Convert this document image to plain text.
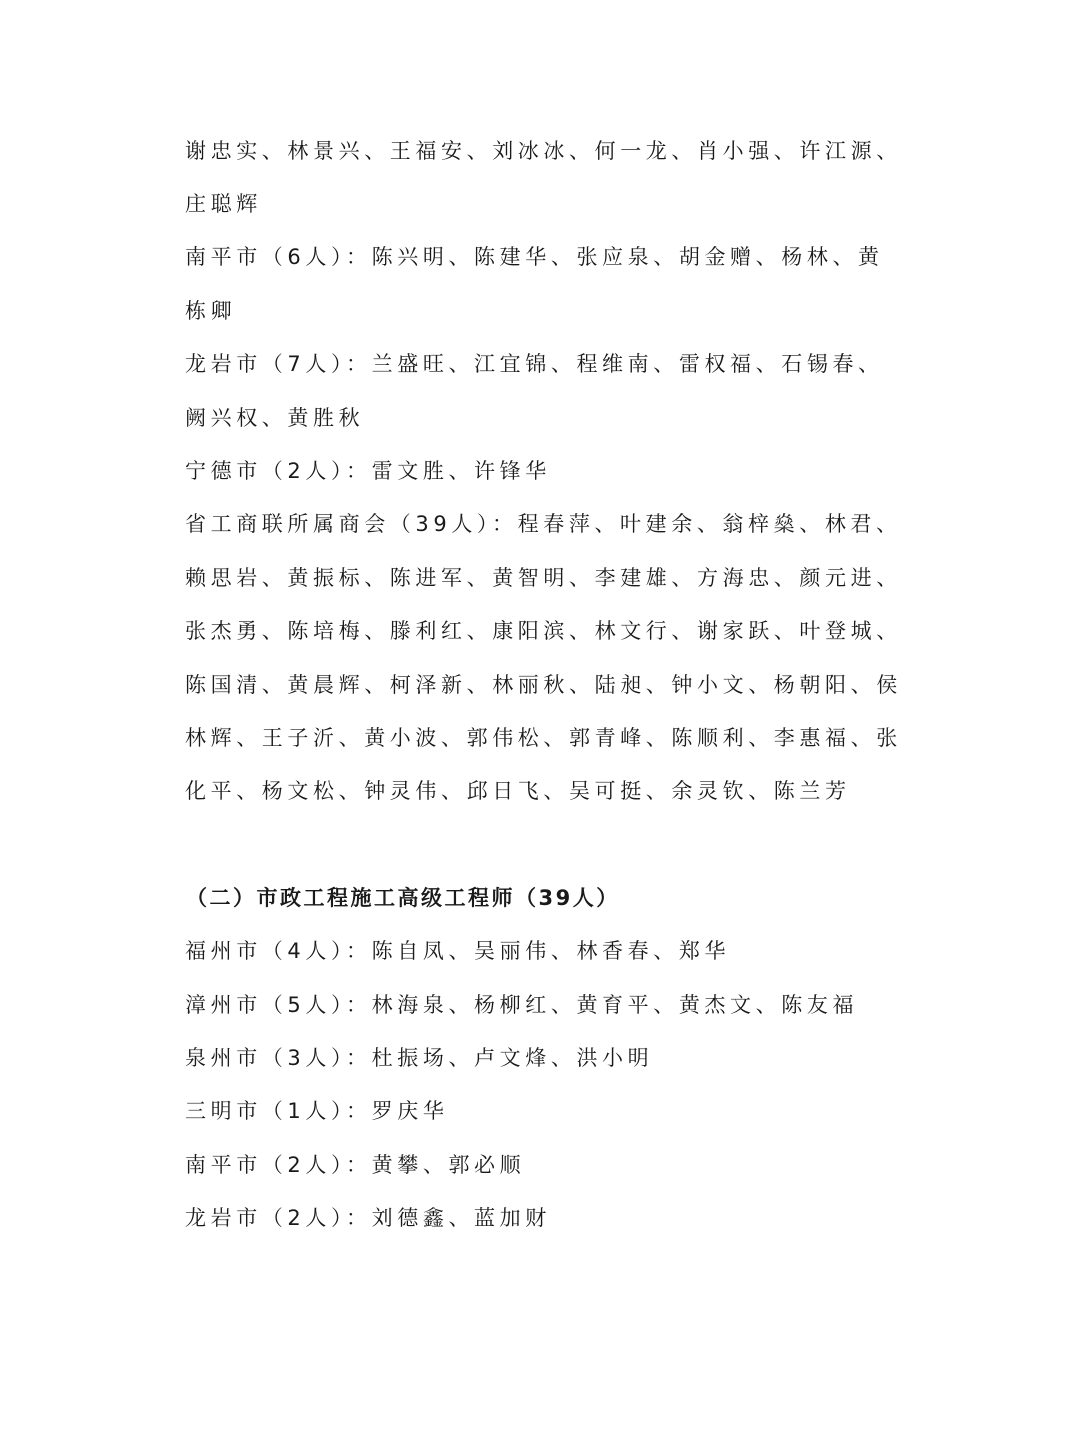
谢忠实、林景兴、王福安、刘冰冰、何一龙、肖小强、许江源、
庄聪辉
南平市（6人）：陈兴明、陈建华、张应泉、胡金赠、杨林、黄
栋卿
龙岩市（7人）：兰盛旺、江宜锦、程维南、雷权福、石锡春、
阙兴权、黄胜秋
宁德市（2人）：雷文胜、许锋华
省工商联所属商会（39人）：程春萍、叶建余、翁梓燊、林君、
赖思岩、黄振标、陈进军、黄智明、李建雄、方海忠、颜元进、
张杰勇、陈培梅、滕利红、康阳滨、林文行、谢家跃、叶登城、
陈国清、黄晨辉、柯泽新、林丽秋、陆昶、钟小文、杨朝阳、侯
林辉、王子沂、黄小波、郭伟松、郭青峰、陈顺利、李惠福、张
化平、杨文松、钟灵伟、邱日飞、吴可挺、余灵钦、陈兰芳
（二）市政工程施工高级工程师（39人）
福州市（4人）：陈自凤、吴丽伟、林香春、郑华
漳州市（5人）：林海泉、杨柳红、黄育平、黄杰文、陈友福
泉州市（3人）：杜振场、卢文烽、洪小明
三明市（1人）：罗庆华
南平市（2人）：黄攀、郭必顺
龙岩市（2人）：刘德鑫、蓝加财
